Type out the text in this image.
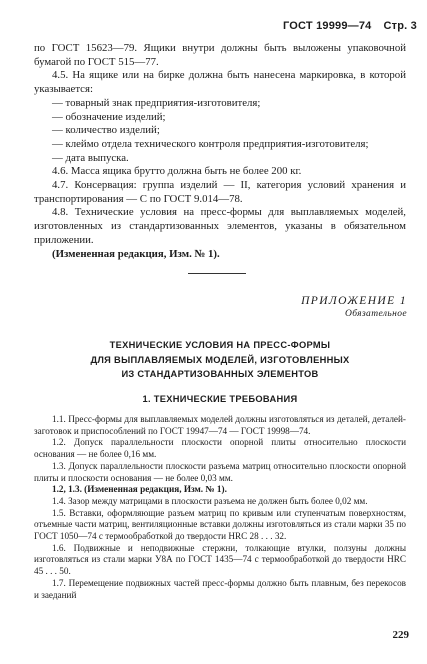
ГОСТ 19999—74 Стр. 3

по ГОСТ 15623—79. Ящики внутри должны быть выложены упаковочной бумагой по ГОСТ 515—77.

4.5. На ящике или на бирке должна быть нанесена маркировка, в которой указывается:

— товарный знак предприятия-изготовителя;

— обозначение изделий;

— количество изделий;

— клеймо отдела технического контроля предприятия-изготовителя;

— дата выпуска.

4.6. Масса ящика брутто должна быть не более 200 кг.

4.7. Консервация: группа изделий — II, категория условий хранения и транспортирования — С по ГОСТ 9.014—78.

4.8. Технические условия на пресс-формы для выплавляемых моделей, изготовленных из стандартизованных элементов, указаны в обязательном приложении.

(Измененная редакция, Изм. № 1).

ПРИЛОЖЕНИЕ 1
Обязательное
ТЕХНИЧЕСКИЕ УСЛОВИЯ НА ПРЕСС-ФОРМЫ
ДЛЯ ВЫПЛАВЛЯЕМЫХ МОДЕЛЕЙ, ИЗГОТОВЛЕННЫХ
ИЗ СТАНДАРТИЗОВАННЫХ ЭЛЕМЕНТОВ
1. ТЕХНИЧЕСКИЕ ТРЕБОВАНИЯ

1.1. Пресс-формы для выплавляемых моделей должны изготовляться из деталей, деталей-заготовок и приспособлений по ГОСТ 19947—74 — ГОСТ 19998—74.

1.2. Допуск параллельности плоскости опорной плиты относительно плоскости основания — не более 0,16 мм.

1.3. Допуск параллельности плоскости разъема матриц относительно плоскости опорной плиты и плоскости основания — не более 0,03 мм.

1.2, 1.3. (Измененная редакция, Изм. № 1).

1.4. Зазор между матрицами в плоскости разъема не должен быть более 0,02 мм.

1.5. Вставки, оформляющие разъем матриц по кривым или ступенчатым поверхностям, отъемные части матриц, вентиляционные вставки должны изготовляться из стали марки 35 по ГОСТ 1050—74 с термообработкой до твердости HRC 28 . . . 32.

1.6. Подвижные и неподвижные стержни, толкающие втулки, ползуны должны изготовляться из стали марки У8А по ГОСТ 1435—74 с термообработкой до твердости HRC 45 . . . 50.

1.7. Перемещение подвижных частей пресс-формы должно быть плавным, без перекосов и заеданий

229
